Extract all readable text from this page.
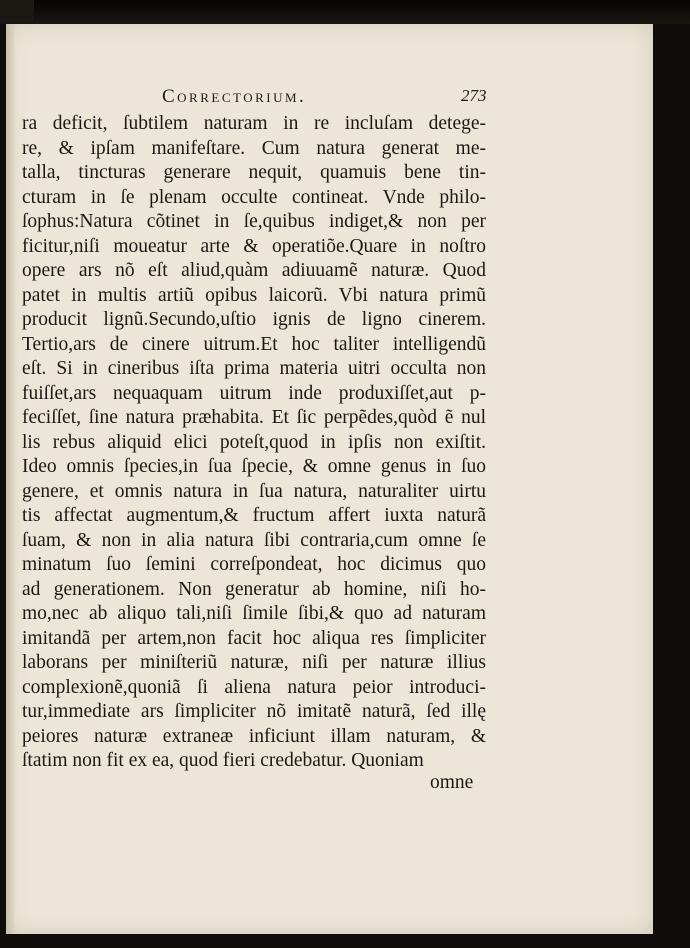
Correctorium.	273
ra deficit, ſubtilem naturam in re incluſam detege-
re, & ipſam manifeſtare. Cum natura generat me-
talla, tincturas generare nequit, quamuis bene tin-
cturam in ſe plenam occulte contineat. Vnde philo-
ſophus:Natura cõtinet in ſe,quibus indiget,& non per
ficitur,niſi moueatur arte & operatiõe.Quare in noſtro
opere ars nõ eſt aliud,quàm adiuuamẽ naturæ. Quod
patet in multis artiũ opibus laicorũ. Vbi natura primũ
producit lignũ.Secundo,uſtio ignis de ligno cinerem.
Tertio,ars de cinere uitrum.Et hoc taliter intelligendũ
eſt. Si in cineribus iſta prima materia uitri occulta non
fuiſſet,ars nequaquam uitrum inde produxiſſet,aut p-
feciſſet, ſine natura præhabita. Et ſic perpẽdes,quòd ẽ nul
lis rebus aliquid elici poteſt,quod in ipſis non exiſtit.
Ideo omnis ſpecies,in ſua ſpecie, & omne genus in ſuo
genere, et omnis natura in ſua natura, naturaliter uirtu
tis affectat augmentum,& fructum affert iuxta naturã
ſuam, & non in alia natura ſibi contraria,cum omne ſe
minatum ſuo ſemini correſpondeat, hoc dicimus quo
ad generationem. Non generatur ab homine, niſi ho-
mo,nec ab aliquo tali,niſi ſimile ſibi,& quo ad naturam
imitandã per artem,non facit hoc aliqua res ſimpliciter
laborans per miniſteriũ naturæ, niſi per naturæ illius
complexionẽ,quoniã ſi aliena natura peior introduci-
tur,immediate ars ſimpliciter nõ imitatẽ naturã, ſed illę
peiores naturæ extraneæ inficiunt illam naturam, &
ſtatim non fit ex ea, quod fieri credebatur. Quoniam
omne
